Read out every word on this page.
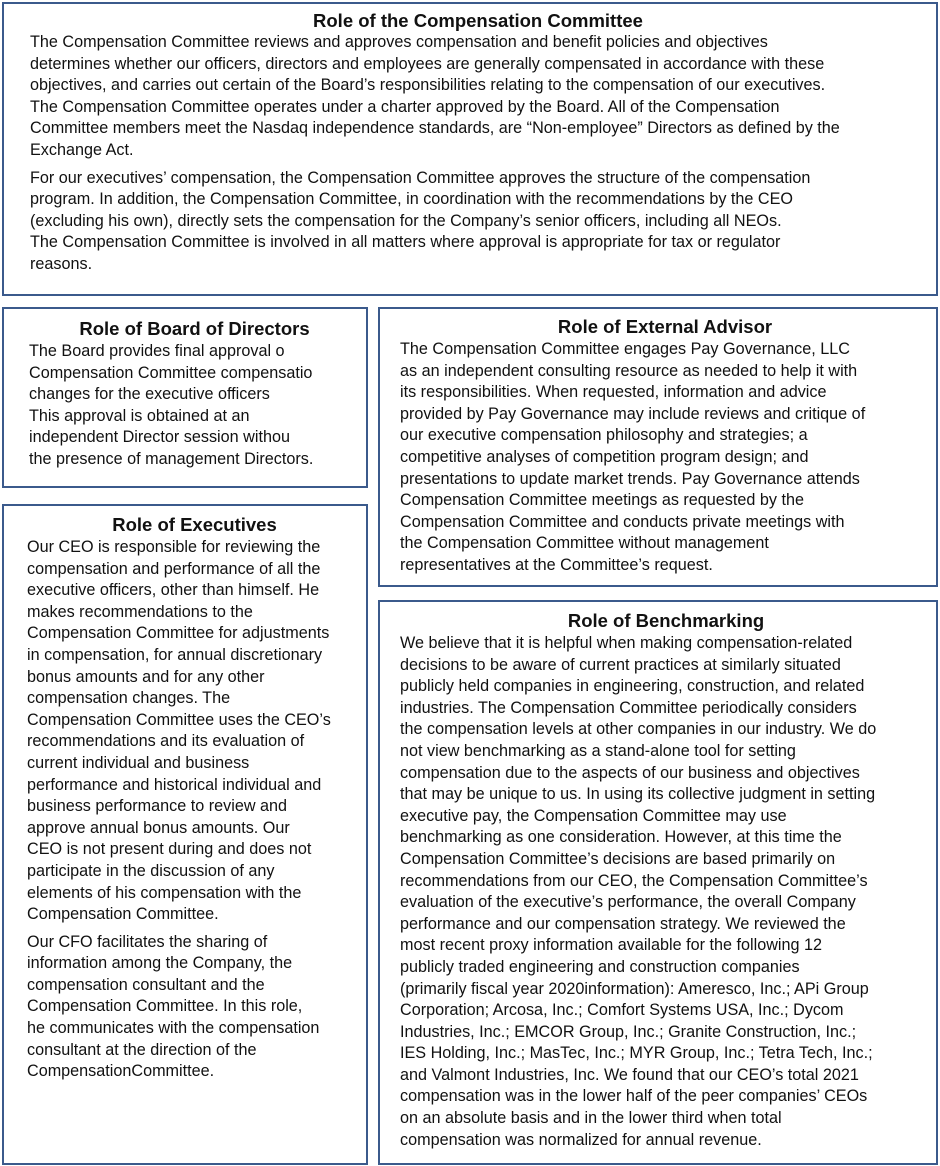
Role of the Compensation Committee

The Compensation Committee reviews and approves compensation and benefit policies and objectives
determines whether our officers, directors and employees are generally compensated in accordance with these
objectives, and carries out certain of the Board’s responsibilities relating to the compensation of our executives.
The Compensation Committee operates under a charter approved by the Board. All of the Compensation
Committee members meet the Nasdaq independence standards, are “Non-employee” Directors as defined by the
Exchange Act.

For our executives’ compensation, the Compensation Committee approves the structure of the compensation
program. In addition, the Compensation Committee, in coordination with the recommendations by the CEO
(excluding his own), directly sets the compensation for the Company’s senior officers, including all NEOs.
The Compensation Committee is involved in all matters where approval is appropriate for tax or regulator
reasons.

Role of Board of Directors

The Board provides final approval o
Compensation Committee compensatio
changes for the executive officers
This approval is obtained at an
independent Director session withou
the presence of management Directors.

Role of Executives

Our CEO is responsible for reviewing the
compensation and performance of all the
executive officers, other than himself. He
makes recommendations to the
Compensation Committee for adjustments
in compensation, for annual discretionary
bonus amounts and for any other
compensation changes. The
Compensation Committee uses the CEO’s
recommendations and its evaluation of
current individual and business
performance and historical individual and
business performance to review and
approve annual bonus amounts. Our
CEO is not present during and does not
participate in the discussion of any
elements of his compensation with the
Compensation Committee.

Our CFO facilitates the sharing of
information among the Company, the
compensation consultant and the
Compensation Committee. In this role,
he communicates with the compensation
consultant at the direction of the
CompensationCommittee.

Role of External Advisor

The Compensation Committee engages Pay Governance, LLC
as an independent consulting resource as needed to help it with
its responsibilities. When requested, information and advice
provided by Pay Governance may include reviews and critique of
our executive compensation philosophy and strategies; a
competitive analyses of competition program design; and
presentations to update market trends. Pay Governance attends
Compensation Committee meetings as requested by the
Compensation Committee and conducts private meetings with
the Compensation Committee without management
representatives at the Committee’s request.

Role of Benchmarking

We believe that it is helpful when making compensation-related
decisions to be aware of current practices at similarly situated
publicly held companies in engineering, construction, and related
industries. The Compensation Committee periodically considers
the compensation levels at other companies in our industry. We do
not view benchmarking as a stand-alone tool for setting
compensation due to the aspects of our business and objectives
that may be unique to us. In using its collective judgment in setting
executive pay, the Compensation Committee may use
benchmarking as one consideration. However, at this time the
Compensation Committee’s decisions are based primarily on
recommendations from our CEO, the Compensation Committee’s
evaluation of the executive’s performance, the overall Company
performance and our compensation strategy. We reviewed the
most recent proxy information available for the following 12
publicly traded engineering and construction companies
(primarily fiscal year 2020information): Ameresco, Inc.; APi Group
Corporation; Arcosa, Inc.; Comfort Systems USA, Inc.; Dycom
Industries, Inc.; EMCOR Group, Inc.; Granite Construction, Inc.;
IES Holding, Inc.; MasTec, Inc.; MYR Group, Inc.; Tetra Tech, Inc.;
and Valmont Industries, Inc. We found that our CEO’s total 2021
compensation was in the lower half of the peer companies’ CEOs
on an absolute basis and in the lower third when total
compensation was normalized for annual revenue.
